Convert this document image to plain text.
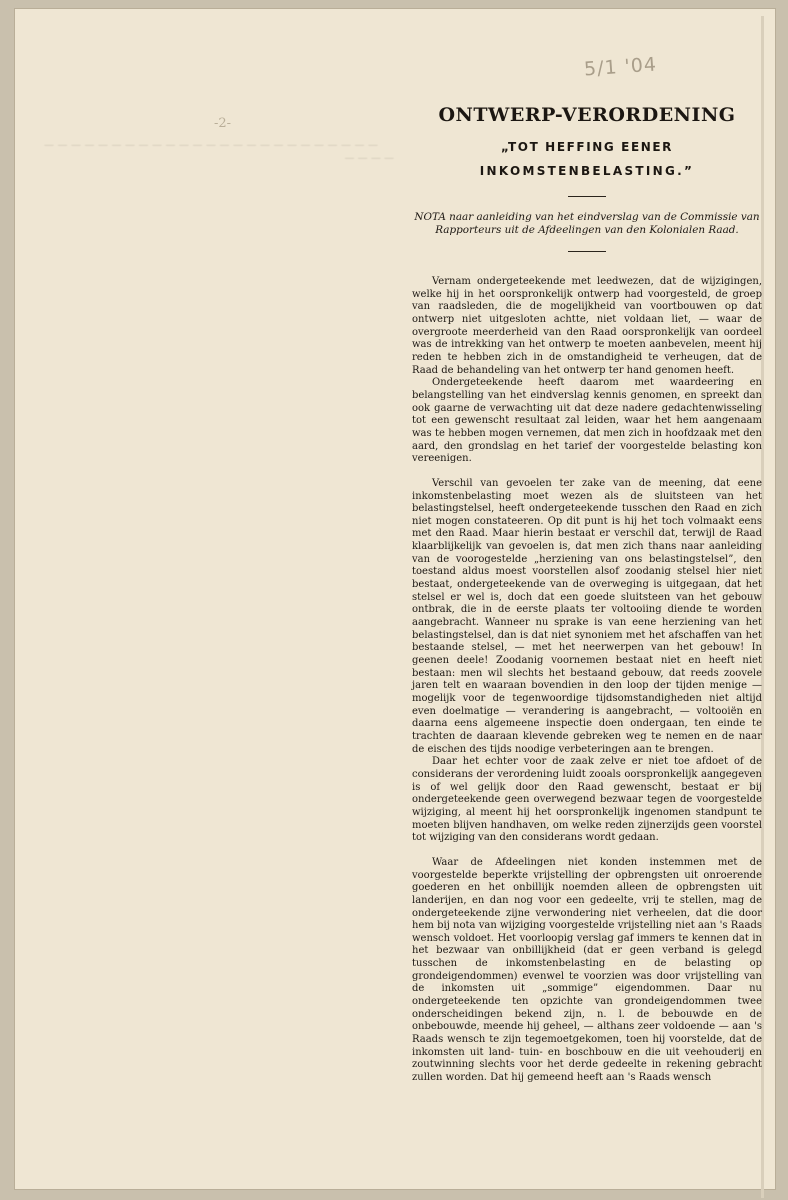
— — — — — — — — — — — — — — — — — — — — — — — — — — — — —

-2-
5/1 '04
ONTWERP-VERORDENING

„TOT HEFFING EENER

INKOMSTENBELASTING.”

NOTA naar aanleiding van het eindverslag van de Commissie van Rapporteurs uit de Afdeelingen van den Kolonialen Raad.

Vernam ondergeteekende met leedwezen, dat de wijzigingen, welke hij in het oorspronkelijk ontwerp had voorgesteld, de groep van raadsleden, die de mogelijkheid van voortbouwen op dat ontwerp niet uitgesloten achtte, niet voldaan liet, — waar de overgroote meerderheid van den Raad oorspronkelijk van oordeel was de intrekking van het ontwerp te moeten aanbevelen, meent hij reden te hebben zich in de omstandigheid te verheugen, dat de Raad de behandeling van het ontwerp ter hand genomen heeft.

Ondergeteekende heeft daarom met waardeering en belangstelling van het eindverslag kennis genomen, en spreekt dan ook gaarne de verwachting uit dat deze nadere gedachtenwisseling tot een gewenscht resultaat zal leiden, waar het hem aangenaam was te hebben mogen vernemen, dat men zich in hoofdzaak met den aard, den grondslag en het tarief der voorgestelde belasting kon vereenigen.

Verschil van gevoelen ter zake van de meening, dat eene inkomstenbelasting moet wezen als de sluitsteen van het belastingstelsel, heeft ondergeteekende tusschen den Raad en zich niet mogen constateeren. Op dit punt is hij het toch volmaakt eens met den Raad. Maar hierin bestaat er verschil dat, terwijl de Raad klaarblijkelijk van gevoelen is, dat men zich thans naar aanleiding van de voorogestelde „herziening van ons belastingstelsel”, den toestand aldus moest voorstellen alsof zoodanig stelsel hier niet bestaat, ondergeteekende van de overweging is uitgegaan, dat het stelsel er wel is, doch dat een goede sluitsteen van het gebouw ontbrak, die in de eerste plaats ter voltooiing diende te worden aangebracht. Wanneer nu sprake is van eene herziening van het belastingstelsel, dan is dat niet synoniem met het afschaffen van het bestaande stelsel, — met het neerwerpen van het gebouw! In geenen deele! Zoodanig voornemen bestaat niet en heeft niet bestaan: men wil slechts het bestaand gebouw, dat reeds zoovele jaren telt en waaraan bovendien in den loop der tijden menige — mogelijk voor de tegenwoordige tijdsomstandigheden niet altijd even doelmatige — verandering is aangebracht, — voltooiën en daarna eens algemeene inspectie doen ondergaan, ten einde te trachten de daaraan klevende gebreken weg te nemen en de naar de eischen des tijds noodige verbeteringen aan te brengen.

Daar het echter voor de zaak zelve er niet toe afdoet of de considerans der verordening luidt zooals oorspronkelijk aangegeven is of wel gelijk door den Raad gewenscht, bestaat er bij ondergeteekende geen overwegend bezwaar tegen de voorgestelde wijziging, al meent hij het oorspronkelijk ingenomen standpunt te moeten blijven handhaven, om welke reden zijnerzijds geen voorstel tot wijziging van den considerans wordt gedaan.

Waar de Afdeelingen niet konden instemmen met de voorgestelde beperkte vrijstelling der opbrengsten uit onroerende goederen en het onbillijk noemden alleen de opbrengsten uit landerijen, en dan nog voor een gedeelte, vrij te stellen, mag de ondergeteekende zijne verwondering niet verheelen, dat die door hem bij nota van wijziging voorgestelde vrijstelling niet aan 's Raads wensch voldoet. Het voorloopig verslag gaf immers te kennen dat in het bezwaar van onbillijkheid (dat er geen verband is gelegd tusschen de inkomstenbelasting en de belasting op grondeigendommen) evenwel te voorzien was door vrijstelling van de inkomsten uit „sommige” eigendommen. Daar nu ondergeteekende ten opzichte van grondeigendommen twee onderscheidingen bekend zijn, n. l. de bebouwde en de onbebouwde, meende hij geheel, — althans zeer voldoende — aan 's Raads wensch te zijn tegemoetgekomen, toen hij voorstelde, dat de inkomsten uit land- tuin- en boschbouw en die uit veehouderij en zoutwinning slechts voor het derde gedeelte in rekening gebracht zullen worden. Dat hij gemeend heeft aan 's Raads wensch
